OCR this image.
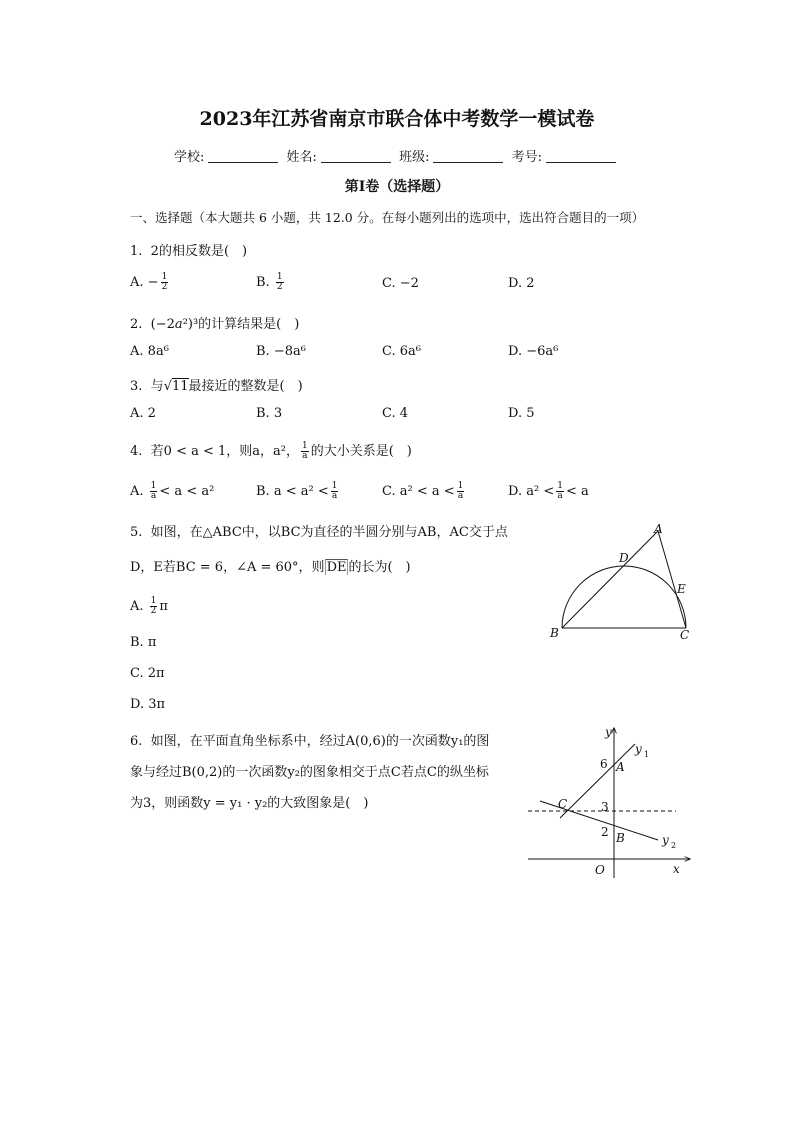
2023年江苏省南京市联合体中考数学一模试卷
学校:	姓名:	班级:	考号:
第Ⅰ卷（选择题）
一、选择题（本大题共 6 小题，共 12.0 分。在每小题列出的选项中，选出符合题目的一项）
1. 2的相反数是(　)
A. − $\frac{1}{2}$	B. $\frac{1}{2}$	C. −2	D. 2
2. (−2a²)³的计算结果是(　)
A. 8a⁶	B. −8a⁶	C. 6a⁶	D. −6a⁶
3. 与√11最接近的整数是(　)
A. 2	B. 3	C. 4	D. 5
4. 若0 < a < 1，则a，a²， $\frac{1}{a}$ 的大小关系是(　)
A. $\frac{1}{a} < a < a^2$	B. $a < a^2 < \frac{1}{a}$	C. $a^2 < a < \frac{1}{a}$	D. $a^2 < \frac{1}{a} < a$
5. 如图，在△ABC中，以BC为直径的半圆分别与AB，AC交于点
D，E若BC = 6，∠A = 60°，则 DE 的长为(　)
A. $\frac{1}{2}$ π
B. π
C. 2π
D. 3π
A
B	C
D
E
6. 如图，在平面直角坐标系中，经过A(0,6)的一次函数y₁的图
象与经过B(0,2)的一次函数y₂的图象相交于点C若点C的纵坐标
为3，则函数y = y₁ · y₂的大致图象是(　)
y
x
O
A
B
C
6
3
2
y 1
y 2
